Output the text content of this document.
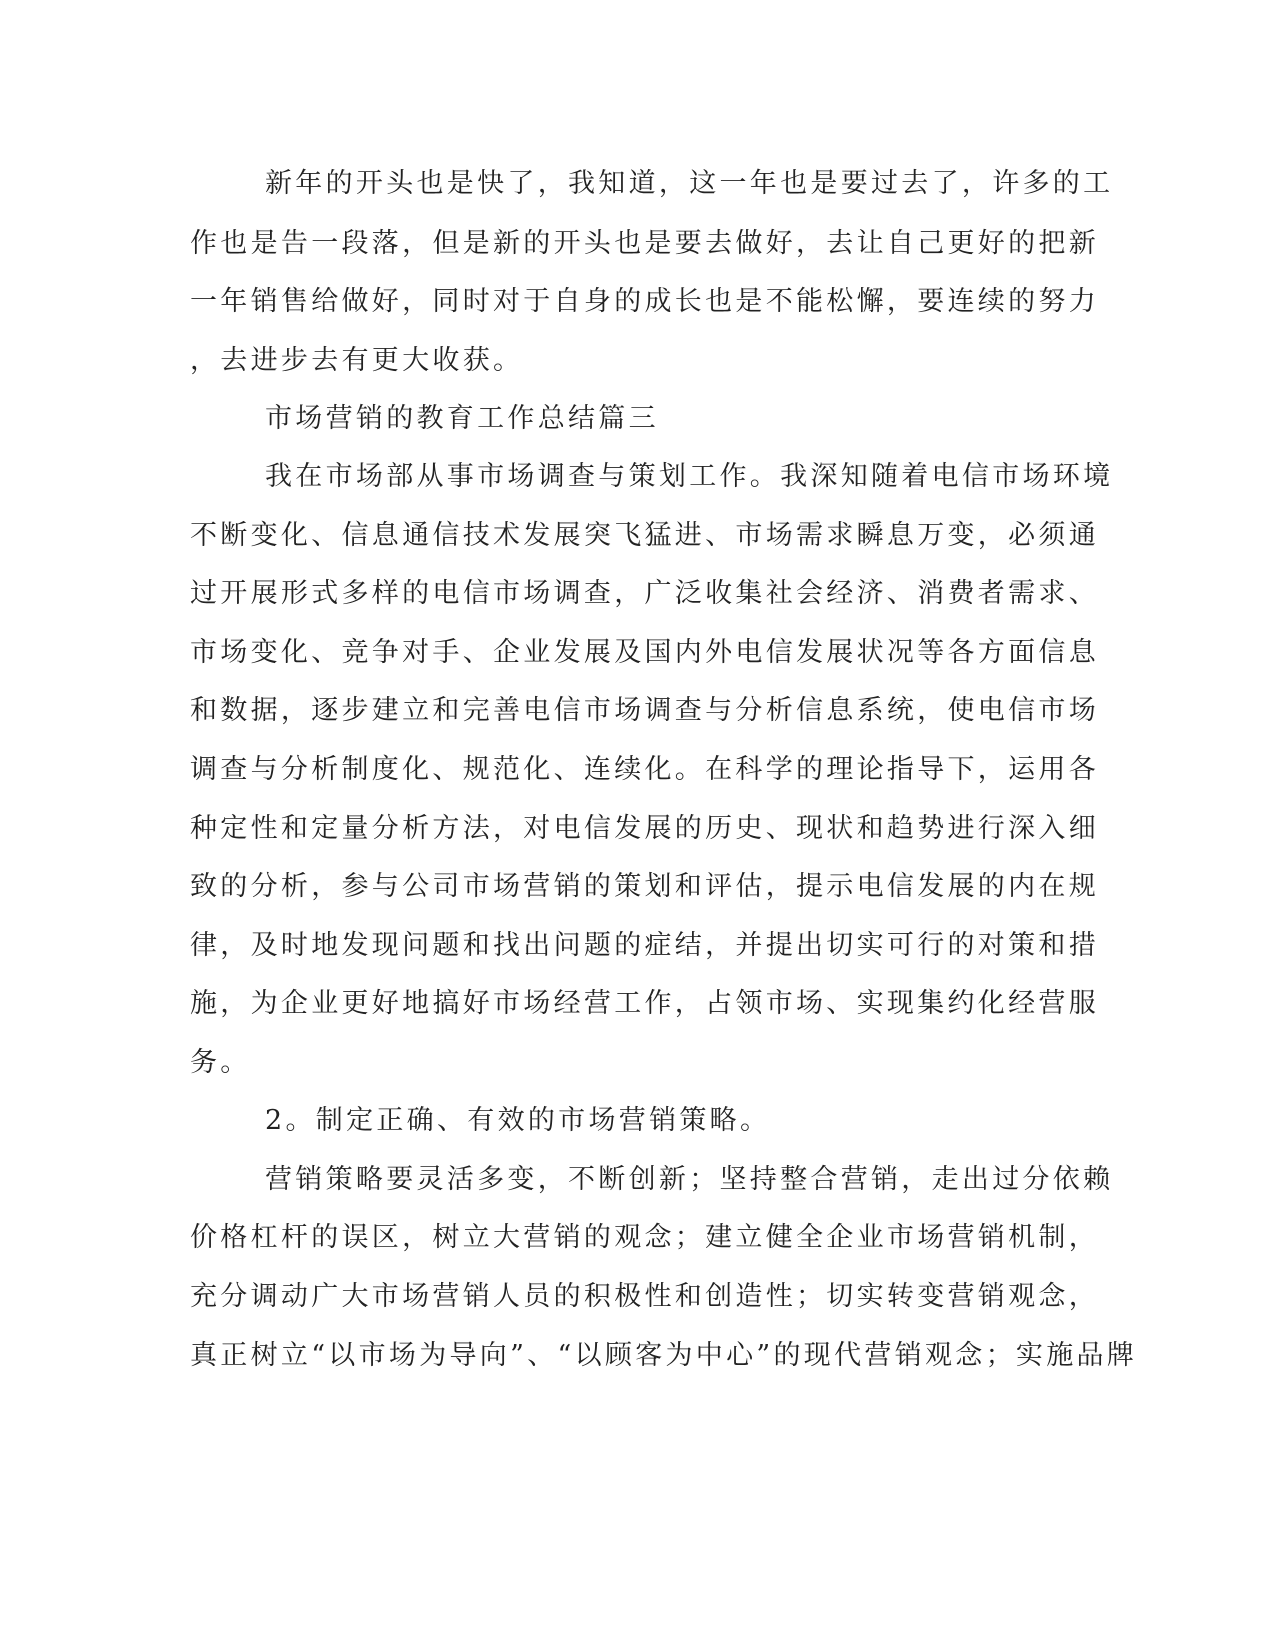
新年的开头也是快了，我知道，这一年也是要过去了，许多的工
作也是告一段落，但是新的开头也是要去做好，去让自己更好的把新
一年销售给做好，同时对于自身的成长也是不能松懈，要连续的努力
，去进步去有更大收获。
市场营销的教育工作总结篇三
我在市场部从事市场调查与策划工作。我深知随着电信市场环境
不断变化、信息通信技术发展突飞猛进、市场需求瞬息万变，必须通
过开展形式多样的电信市场调查，广泛收集社会经济、消费者需求、
市场变化、竞争对手、企业发展及国内外电信发展状况等各方面信息
和数据，逐步建立和完善电信市场调查与分析信息系统，使电信市场
调查与分析制度化、规范化、连续化。在科学的理论指导下，运用各
种定性和定量分析方法，对电信发展的历史、现状和趋势进行深入细
致的分析，参与公司市场营销的策划和评估，提示电信发展的内在规
律，及时地发现问题和找出问题的症结，并提出切实可行的对策和措
施，为企业更好地搞好市场经营工作，占领市场、实现集约化经营服
务。
2。制定正确、有效的市场营销策略。
营销策略要灵活多变，不断创新；坚持整合营销，走出过分依赖
价格杠杆的误区，树立大营销的观念；建立健全企业市场营销机制，
充分调动广大市场营销人员的积极性和创造性；切实转变营销观念，
真正树立“以市场为导向”、“以顾客为中心”的现代营销观念；实施品牌
